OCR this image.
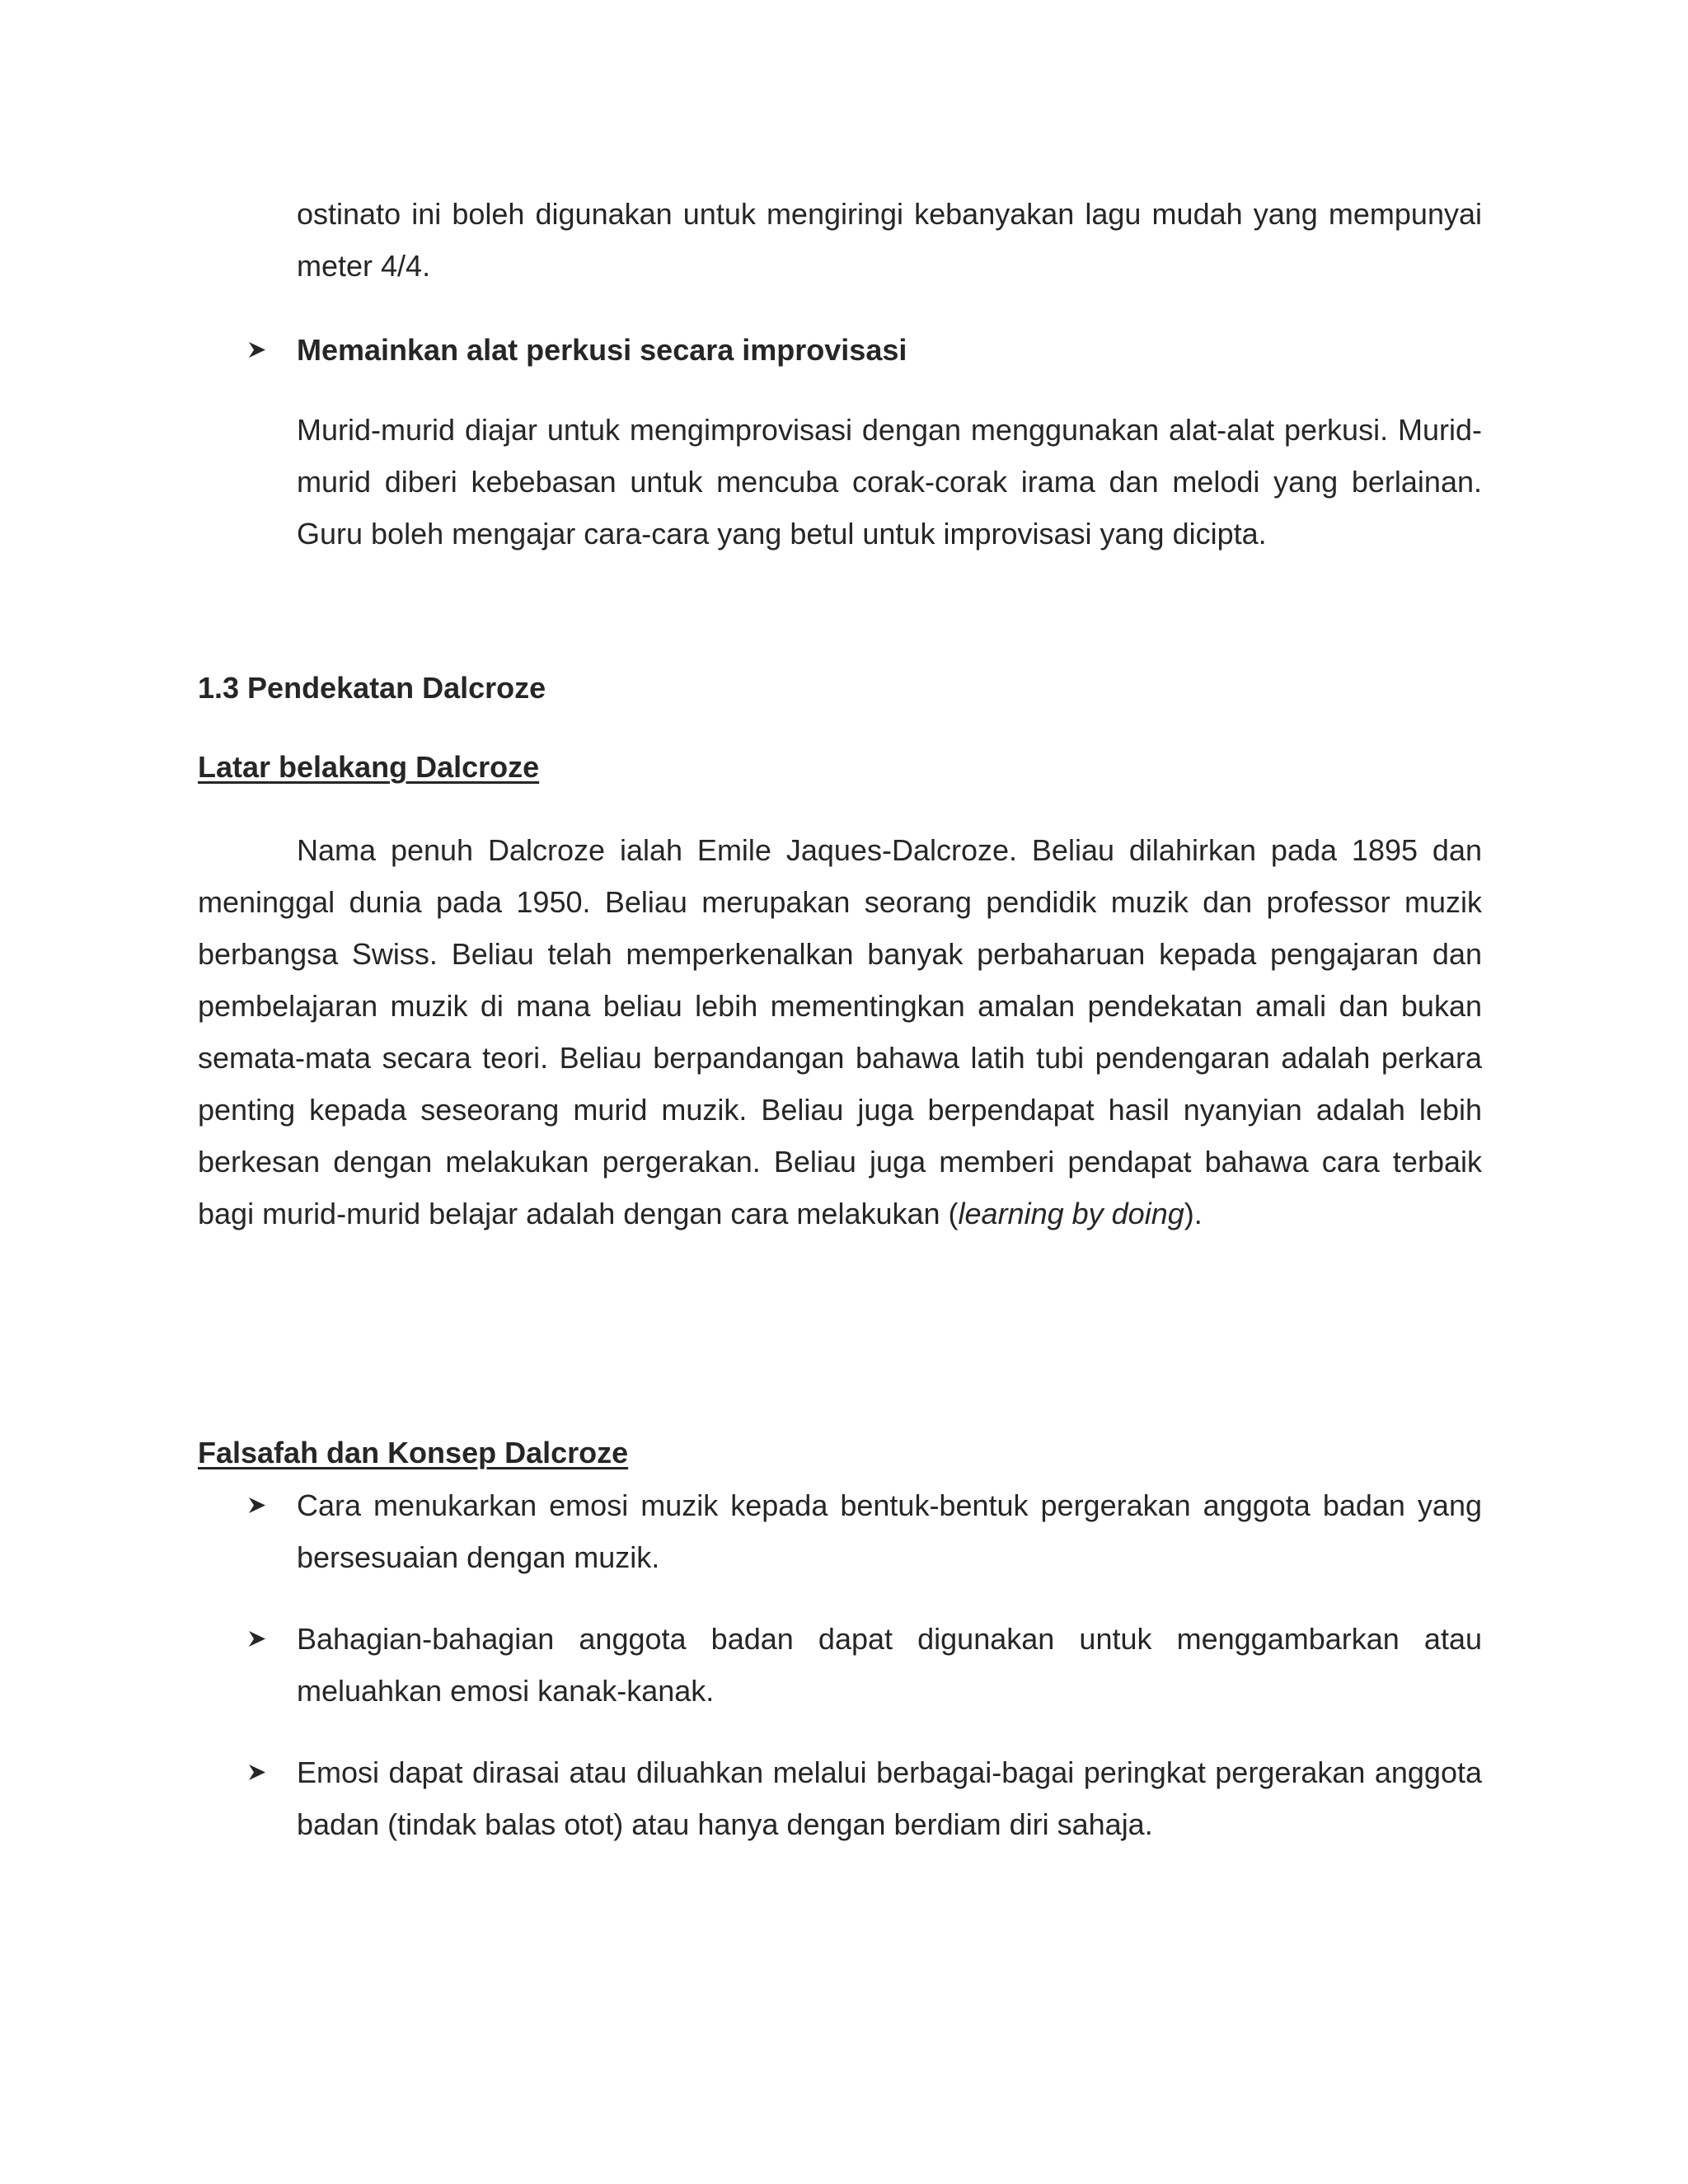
ostinato ini boleh digunakan untuk mengiringi kebanyakan lagu mudah yang mempunyai meter 4/4.
Memainkan alat perkusi secara improvisasi
Murid-murid diajar untuk mengimprovisasi dengan menggunakan alat-alat perkusi. Murid-murid diberi kebebasan untuk mencuba corak-corak irama dan melodi yang berlainan. Guru boleh mengajar cara-cara yang betul untuk improvisasi yang dicipta.
1.3 Pendekatan Dalcroze
Latar belakang Dalcroze
Nama penuh Dalcroze ialah Emile Jaques-Dalcroze. Beliau dilahirkan pada 1895 dan meninggal dunia pada 1950. Beliau merupakan seorang pendidik muzik dan professor muzik berbangsa Swiss. Beliau telah memperkenalkan banyak perbaharuan kepada pengajaran dan pembelajaran muzik di mana beliau lebih mementingkan amalan pendekatan amali dan bukan semata-mata secara teori. Beliau berpandangan bahawa latih tubi pendengaran adalah perkara penting kepada seseorang murid muzik. Beliau juga berpendapat hasil nyanyian adalah lebih berkesan dengan melakukan pergerakan. Beliau juga memberi pendapat bahawa cara terbaik bagi murid-murid belajar adalah dengan cara melakukan (learning by doing).
Falsafah dan Konsep Dalcroze
Cara menukarkan emosi muzik kepada bentuk-bentuk pergerakan anggota badan yang bersesuaian dengan muzik.
Bahagian-bahagian anggota badan dapat digunakan untuk menggambarkan atau meluahkan emosi kanak-kanak.
Emosi dapat dirasai atau diluahkan melalui berbagai-bagai peringkat pergerakan anggota badan (tindak balas otot) atau hanya dengan berdiam diri sahaja.
